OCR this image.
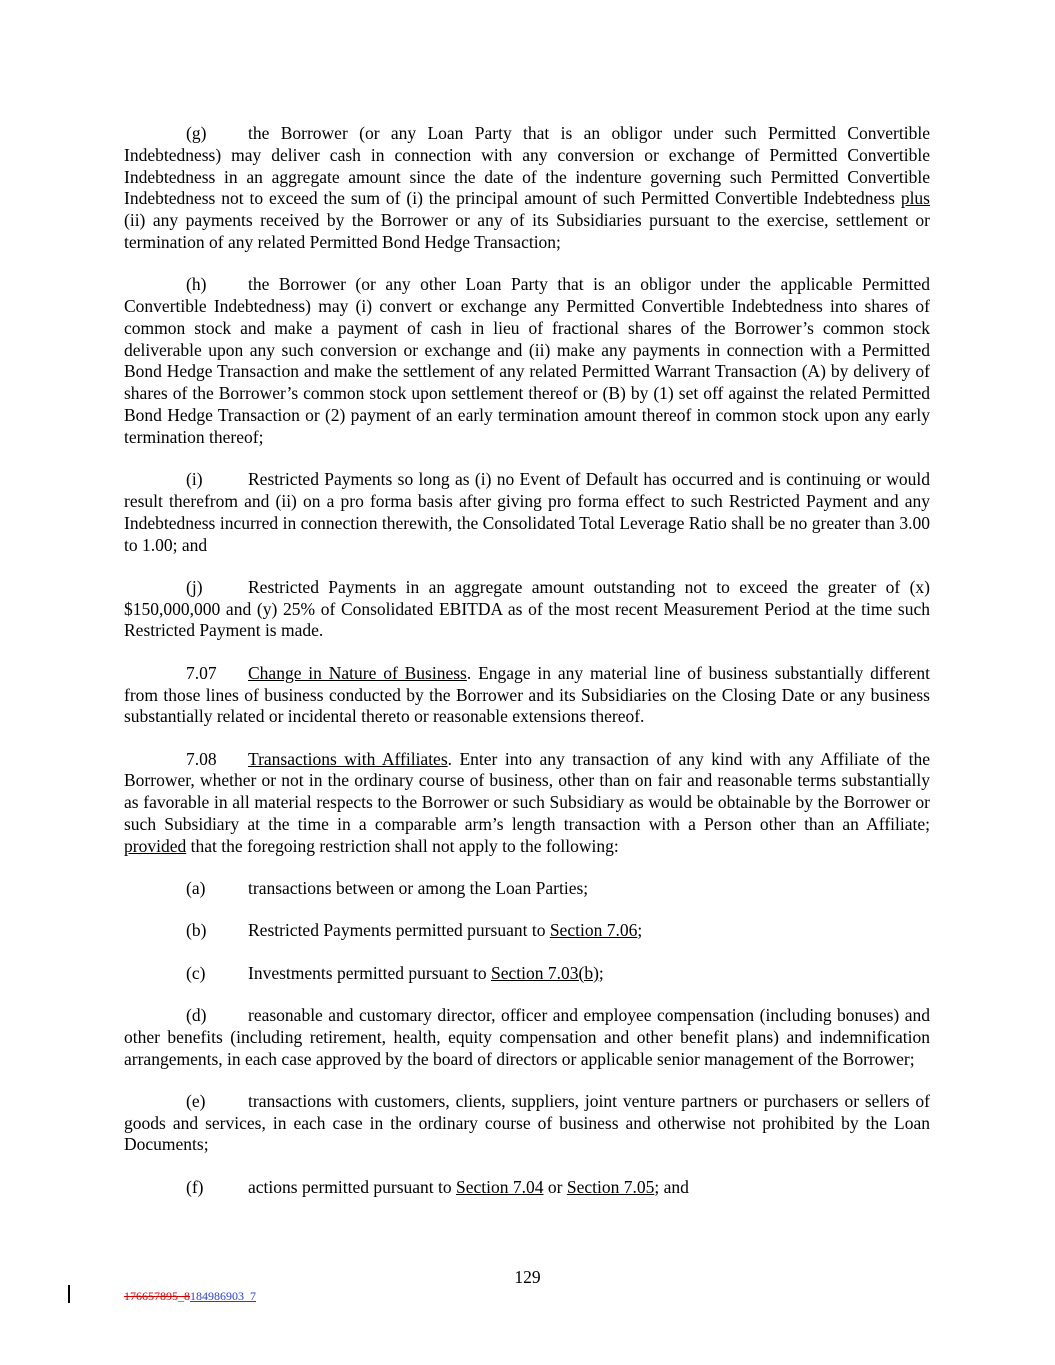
(g) the Borrower (or any Loan Party that is an obligor under such Permitted Convertible Indebtedness) may deliver cash in connection with any conversion or exchange of Permitted Convertible Indebtedness in an aggregate amount since the date of the indenture governing such Permitted Convertible Indebtedness not to exceed the sum of (i) the principal amount of such Permitted Convertible Indebtedness plus (ii) any payments received by the Borrower or any of its Subsidiaries pursuant to the exercise, settlement or termination of any related Permitted Bond Hedge Transaction;

(h) the Borrower (or any other Loan Party that is an obligor under the applicable Permitted Convertible Indebtedness) may (i) convert or exchange any Permitted Convertible Indebtedness into shares of common stock and make a payment of cash in lieu of fractional shares of the Borrower’s common stock deliverable upon any such conversion or exchange and (ii) make any payments in connection with a Permitted Bond Hedge Transaction and make the settlement of any related Permitted Warrant Transaction (A) by delivery of shares of the Borrower’s common stock upon settlement thereof or (B) by (1) set off against the related Permitted Bond Hedge Transaction or (2) payment of an early termination amount thereof in common stock upon any early termination thereof;

(i)	Restricted Payments so long as (i) no Event of Default has occurred and is continuing or would result therefrom and (ii) on a pro forma basis after giving pro forma effect to such Restricted Payment and any Indebtedness incurred in connection therewith, the Consolidated Total Leverage Ratio shall be no greater than 3.00 to 1.00; and

(j)	Restricted Payments in an aggregate amount outstanding not to exceed the greater of (x) $150,000,000 and (y) 25% of Consolidated EBITDA as of the most recent Measurement Period at the time such Restricted Payment is made.

7.07 Change in Nature of Business. Engage in any material line of business substantially different from those lines of business conducted by the Borrower and its Subsidiaries on the Closing Date or any business substantially related or incidental thereto or reasonable extensions thereof.

7.08 Transactions with Affiliates. Enter into any transaction of any kind with any Affiliate of the Borrower, whether or not in the ordinary course of business, other than on fair and reasonable terms substantially as favorable in all material respects to the Borrower or such Subsidiary as would be obtainable by the Borrower or such Subsidiary at the time in a comparable arm’s length transaction with a Person other than an Affiliate; provided that the foregoing restriction shall not apply to the following:

(a) transactions between or among the Loan Parties;

(b) Restricted Payments permitted pursuant to Section 7.06;

(c) Investments permitted pursuant to Section 7.03(b);

(d) reasonable and customary director, officer and employee compensation (including bonuses) and other benefits (including retirement, health, equity compensation and other benefit plans) and indemnification arrangements, in each case approved by the board of directors or applicable senior management of the Borrower;

(e) transactions with customers, clients, suppliers, joint venture partners or purchasers or sellers of goods and services, in each case in the ordinary course of business and otherwise not prohibited by the Loan Documents;

(f)	actions permitted pursuant to Section 7.04 or Section 7.05; and

129
176657895_8184986903_7
